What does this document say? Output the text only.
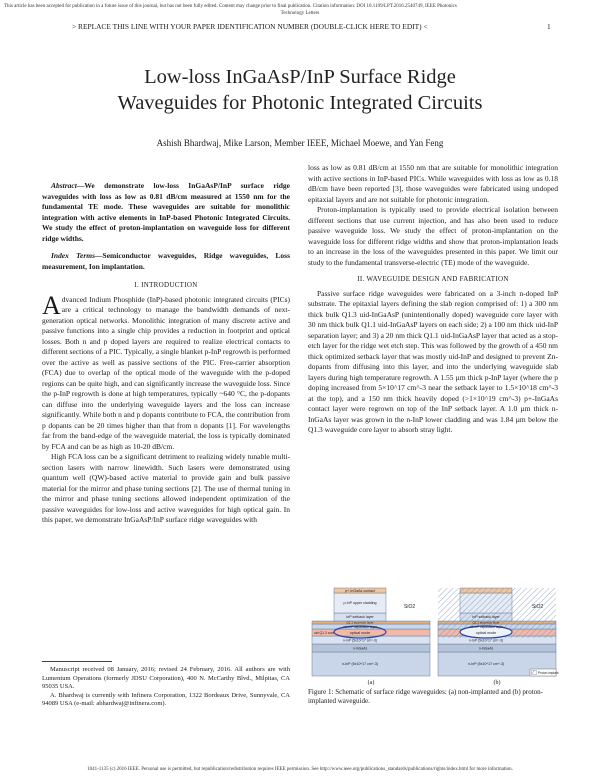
This article has been accepted for publication in a future issue of this journal, but has not been fully edited. Content may change prior to final publication. Citation information: DOI 10.1109/LPT.2016.2540749, IEEE Photonics
Technology Letters
> REPLACE THIS LINE WITH YOUR PAPER IDENTIFICATION NUMBER (DOUBLE-CLICK HERE TO EDIT) <	1
Low-loss InGaAsP/InP Surface Ridge
Waveguides for Photonic Integrated Circuits
Ashish Bhardwaj, Mike Larson, Member IEEE, Michael Moewe, and Yan Feng

Abstract—We demonstrate low-loss InGaAsP/InP surface ridge waveguides with loss as low as 0.81 dB/cm measured at 1550 nm for the fundamental TE mode. These waveguides are suitable for monolithic integration with active elements in InP-based Photonic Integrated Circuits. We study the effect of proton-implantation on waveguide loss for different ridge widths.

Index Terms—Semiconductor waveguides, Ridge waveguides, Loss measurement, Ion implantation.

I. INTRODUCTION

Advanced Indium Phosphide (InP)-based photonic integrated circuits (PICs) are a critical technology to manage the bandwidth demands of next-generation optical networks. Monolithic integration of many discrete active and passive functions into a single chip provides a reduction in footprint and optical losses. Both n and p doped layers are required to realize electrical contacts to different sections of a PIC. Typically, a single blanket p-InP regrowth is performed over the active as well as passive sections of the PIC. Free-carrier absorption (FCA) due to overlap of the optical mode of the waveguide with the p-doped regions can be quite high, and can significantly increase the waveguide loss. Since the p-InP regrowth is done at high temperatures, typically ~640 °C, the p-dopants can diffuse into the underlying waveguide layers and the loss can increase significantly. While both n and p dopants contribute to FCA, the contribution from p dopants can be 20 times higher than that from n dopants [1]. For wavelengths far from the band-edge of the waveguide material, the loss is typically dominated by FCA and can be as high as 10-20 dB/cm.

High FCA loss can be a significant detriment to realizing widely tunable multi-section lasers with narrow linewidth. Such lasers were demonstrated using quantum well (QW)-based active material to provide gain and bulk passive material for the mirror and phase tuning sections [2]. The use of thermal tuning in the mirror and phase tuning sections allowed independent optimization of the passive waveguides for low-loss and active waveguides for high optical gain. In this paper, we demonstrate InGaAsP/InP surface ridge waveguides with

Manuscript received 08 January, 2016; revised 24 February, 2016. All authors are with Lumentum Operations (formerly JDSU Corporation), 400 N. McCarthy Blvd., Milpitas, CA 95035 USA.

A. Bhardwaj is currently with Infinera Corporation, 1322 Bordeaux Drive, Sunnyvale, CA 94089 USA (e-mail: abhardwaj@infinera.com).

loss as low as 0.81 dB/cm at 1550 nm that are suitable for monolithic integration with active sections in InP-based PICs. While waveguides with loss as low as 0.18 dB/cm have been reported [3], those waveguides were fabricated using undoped epitaxial layers and are not suitable for photonic integration.

Proton-implantation is typically used to provide electrical isolation between different sections that use current injection, and has also been used to reduce passive waveguide loss. We study the effect of proton-implantation on the waveguide loss for different ridge widths and show that proton-implantation leads to an increase in the loss of the waveguides presented in this paper. We limit our study to the fundamental transverse-electric (TE) mode of the waveguide.

II. WAVEGUIDE DESIGN AND FABRICATION

Passive surface ridge waveguides were fabricated on a 3-inch n-doped InP substrate. The epitaxial layers defining the slab region comprised of: 1) a 300 nm thick bulk Q1.3 uid-InGaAsP (unintentionally doped) waveguide core layer with 30 nm thick bulk Q1.1 uid-InGaAsP layers on each side; 2) a 100 nm thick uid-InP separation layer; and 3) a 20 nm thick Q1.1 uid-InGaAsP layer that acted as a stop-etch layer for the ridge wet etch step. This was followed by the growth of a 450 nm thick optimized setback layer that was mostly uid-InP and designed to prevent Zn-dopants from diffusing into this layer, and into the underlying waveguide slab layers during high temperature regrowth. A 1.55 µm thick p-InP layer (where the p doping increased from 5×10^17 cm^-3 near the setback layer to 1.5×10^18 cm^-3 at the top), and a 150 nm thick heavily doped (>1×10^19 cm^-3) p+-InGaAs contact layer were regrown on top of the InP setback layer. A 1.0 µm thick n-InGaAs layer was grown in the n-InP lower cladding and was 1.84 µm below the Q1.3 waveguide core layer to absorb stray light.

p+-InGaAs contact
p-InP upper cladding
InP setback layer
Q1.1 stop-etch layer
uid-InP separation layer
uid Q1.3 core	optical mode
SiO2
n-InP (5x10^17 cm^-3)
n-InGaAs
n-InP (5x10^17 cm^-3)
InP setback layer
Q1.1 stop-etch layer
uid-InP separation layer
optical mode
SiO2
n-InP (5x10^17 cm^-3)
n-InGaAs
n-InP (5x10^17 cm^-3)
Proton implant
(a)	(b)
Figure 1: Schematic of surface ridge waveguides: (a) non-implanted and (b) proton-implanted waveguide.
1041-1135 (c) 2016 IEEE. Personal use is permitted, but republication/redistribution requires IEEE permission. See http://www.ieee.org/publications_standards/publications/rights/index.html for more information.
